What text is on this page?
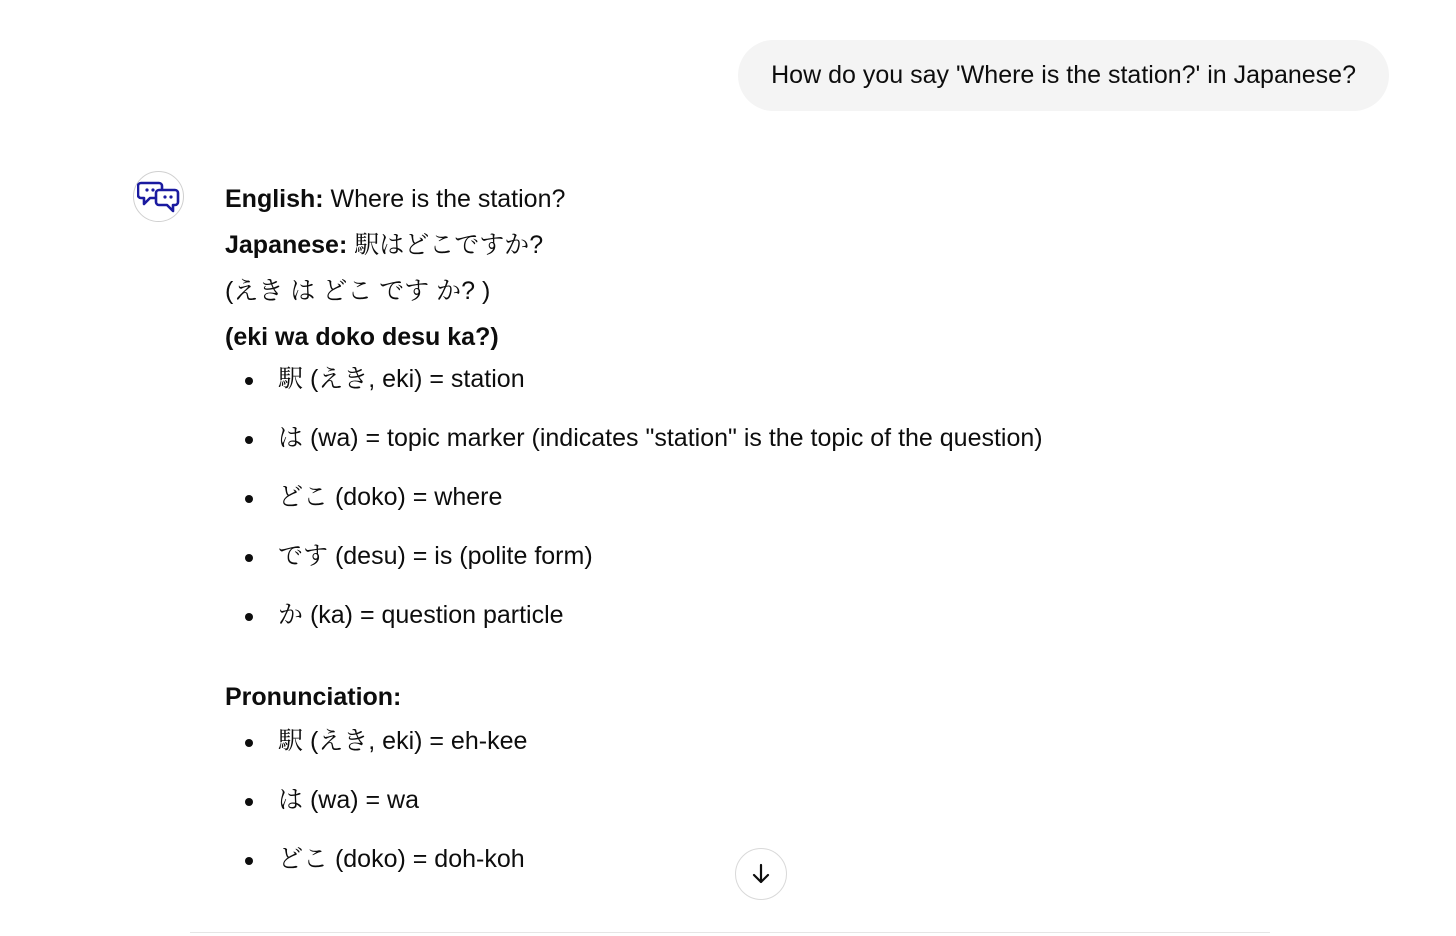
How do you say 'Where is the station?' in Japanese?
English: Where is the station?
Japanese: 駅はどこですか?
(えき は どこ です か? )
(eki wa doko desu ka?)
駅 (えき, eki) = station
は (wa) = topic marker (indicates "station" is the topic of the question)
どこ (doko) = where
です (desu) = is (polite form)
か (ka) = question particle
Pronunciation:
駅 (えき, eki) = eh-kee
は (wa) = wa
どこ (doko) = doh-koh
